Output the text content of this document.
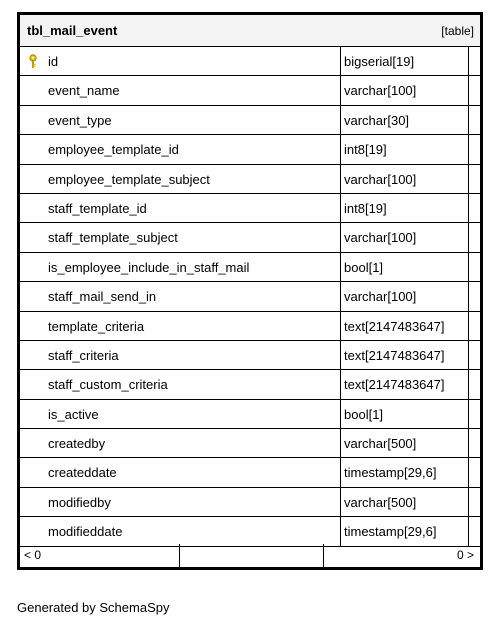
tbl_mail_event	[table]
id	bigserial[19]
event_name	varchar[100]
event_type	varchar[30]
employee_template_id	int8[19]
employee_template_subject	varchar[100]
staff_template_id	int8[19]
staff_template_subject	varchar[100]
is_employee_include_in_staff_mail	bool[1]
staff_mail_send_in	varchar[100]
template_criteria	text[2147483647]
staff_criteria	text[2147483647]
staff_custom_criteria	text[2147483647]
is_active	bool[1]
createdby	varchar[500]
createddate	timestamp[29,6]
modifiedby	varchar[500]
modifieddate	timestamp[29,6]
< 0	0 >
Generated by SchemaSpy
